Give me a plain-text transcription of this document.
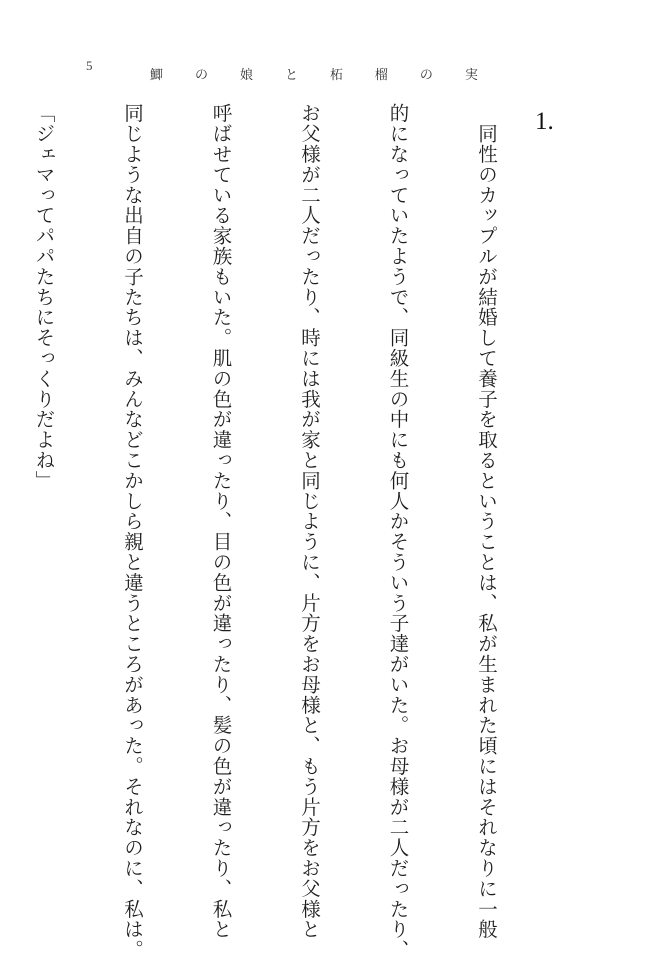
5
鯽 の 娘 と 柘 榴 の 実
1.

　同性のカップルが結婚して養子を取るということは、私が生まれた頃にはそれなりに一般

的になっていたようで、同級生の中にも何人かそういう子達がいた。お母様が二人だったり、

お父様が二人だったり、時には我が家と同じように、片方をお母様と、もう片方をお父様と

呼ばせている家族もいた。肌の色が違ったり、目の色が違ったり、髪の色が違ったり、私と

同じような出自の子たちは、みんなどこかしら親と違うところがあった。それなのに、私は。

「ジェマってパパたちにそっくりだよね」
